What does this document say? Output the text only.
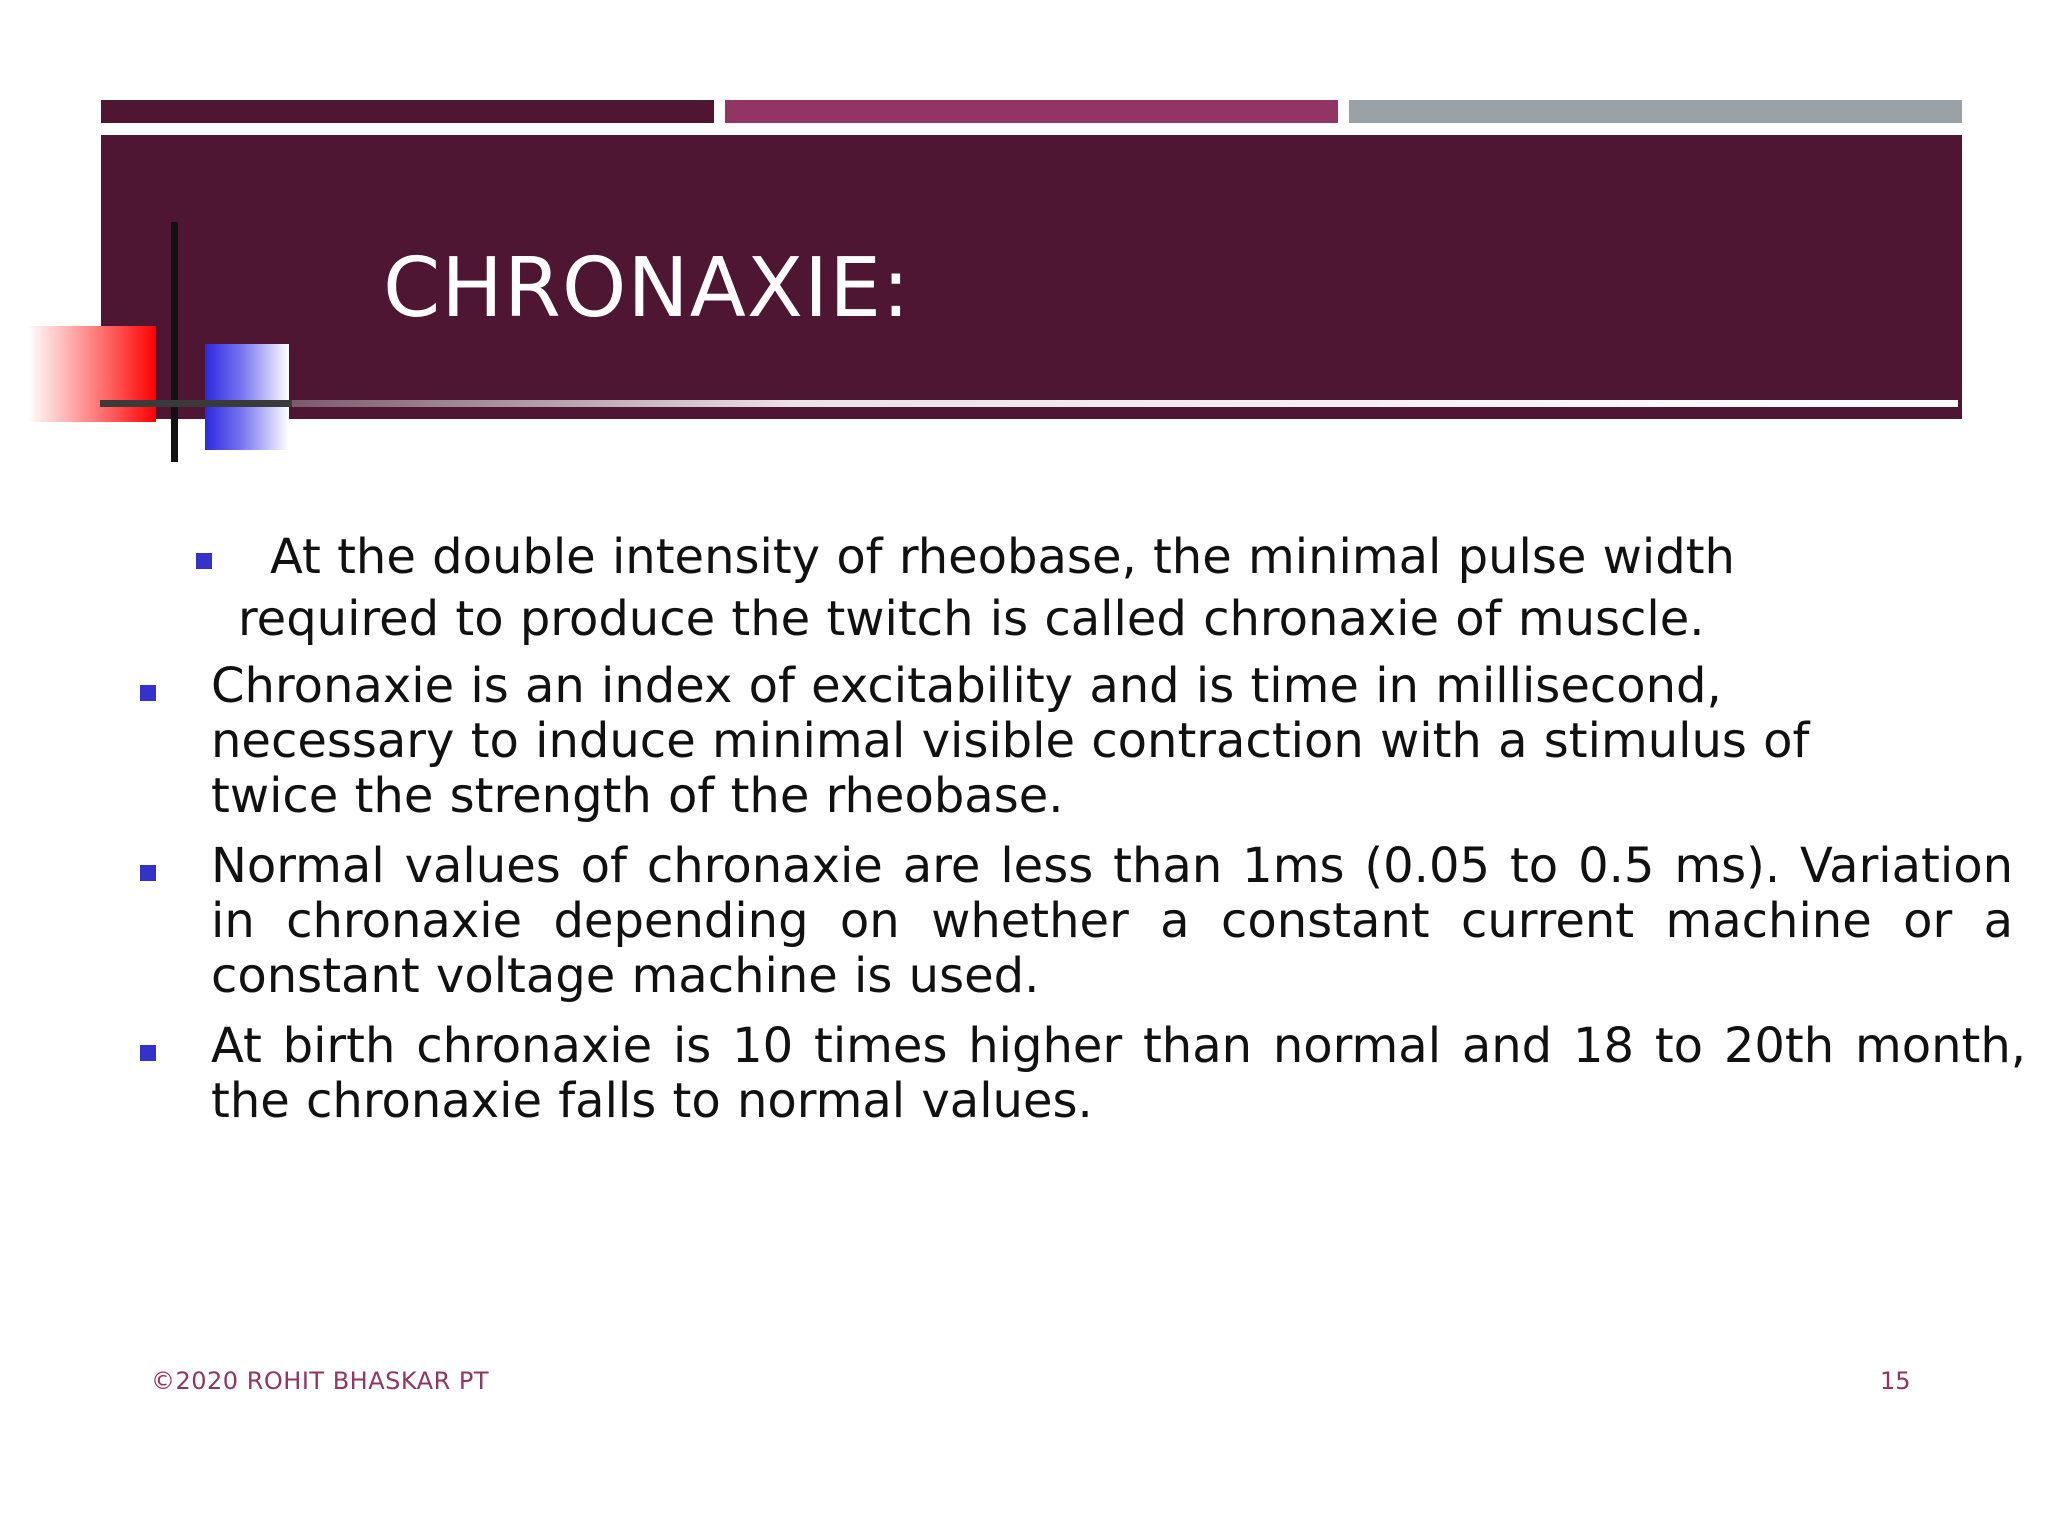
CHRONAXIE:

At the double intensity of rheobase, the minimal pulse width required to produce the twitch is called chronaxie of muscle.

Chronaxie is an index of excitability and is time in millisecond, necessary to induce minimal visible contraction with a stimulus of twice the strength of the rheobase.

Normal values of chronaxie are less than 1ms (0.05 to 0.5 ms). Variation in chronaxie depending on whether a constant current machine or a constant voltage machine is used.

At birth chronaxie is 10 times higher than normal and 18 to 20th month, the chronaxie falls to normal values.

©2020 ROHIT BHASKAR PT	15
